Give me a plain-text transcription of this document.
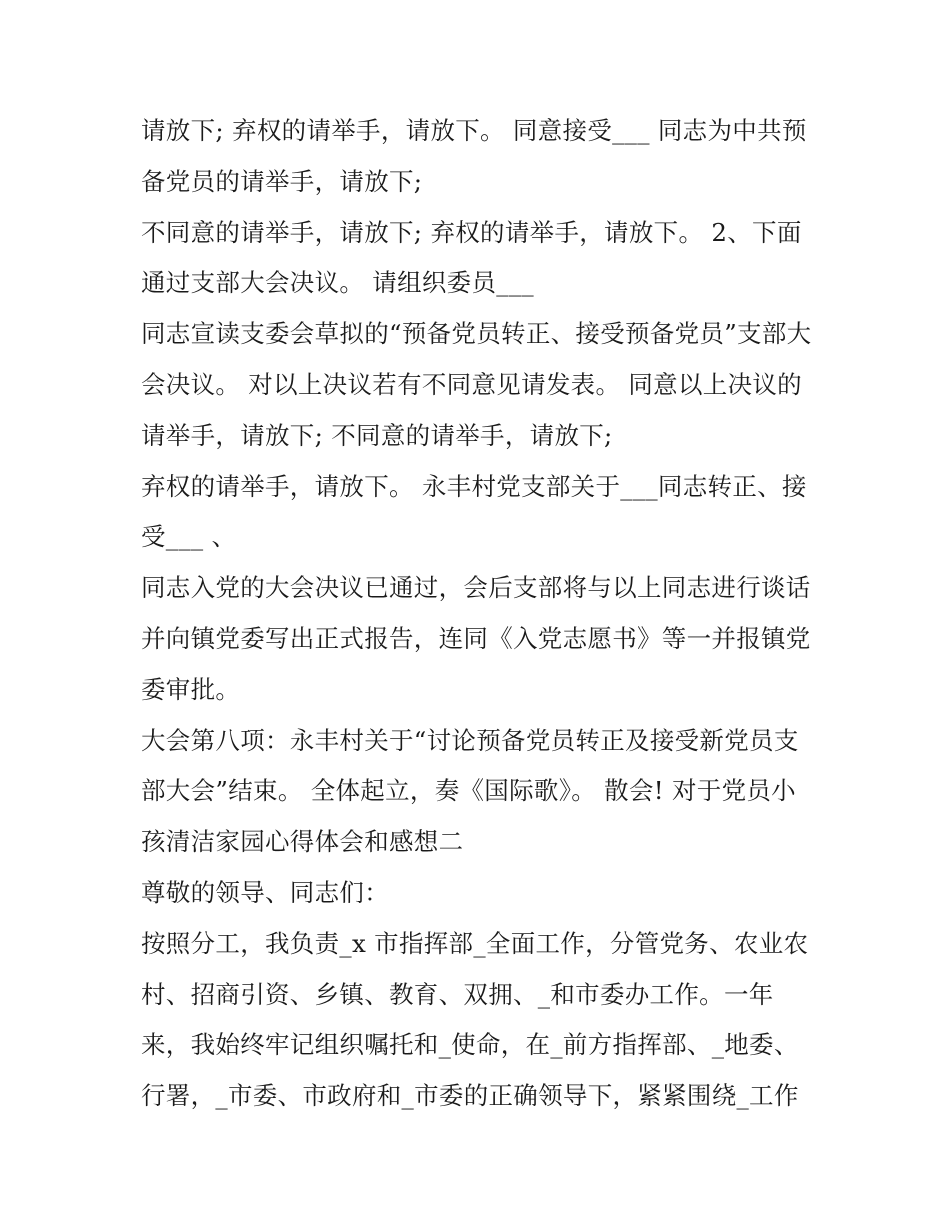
请放下; 弃权的请举手，请放下。 同意接受___ 同志为中共预
备党员的请举手，请放下;
不同意的请举手，请放下; 弃权的请举手，请放下。 2、下面
通过支部大会决议。 请组织委员___
同志宣读支委会草拟的“预备党员转正、接受预备党员”支部大
会决议。 对以上决议若有不同意见请发表。 同意以上决议的
请举手，请放下; 不同意的请举手，请放下;
弃权的请举手，请放下。 永丰村党支部关于___同志转正、接
受___ 、
同志入党的大会决议已通过，会后支部将与以上同志进行谈话
并向镇党委写出正式报告，连同《入党志愿书》等一并报镇党
委审批。
大会第八项：永丰村关于“讨论预备党员转正及接受新党员支
部大会”结束。 全体起立，奏《国际歌》。 散会! 对于党员小
孩清洁家园心得体会和感想二
尊敬的领导、同志们：
按照分工，我负责_x 市指挥部_全面工作，分管党务、农业农
村、招商引资、乡镇、教育、双拥、_和市委办工作。一年
来，我始终牢记组织嘱托和_使命，在_前方指挥部、_地委、
行署，_市委、市政府和_市委的正确领导下，紧紧围绕_工作
